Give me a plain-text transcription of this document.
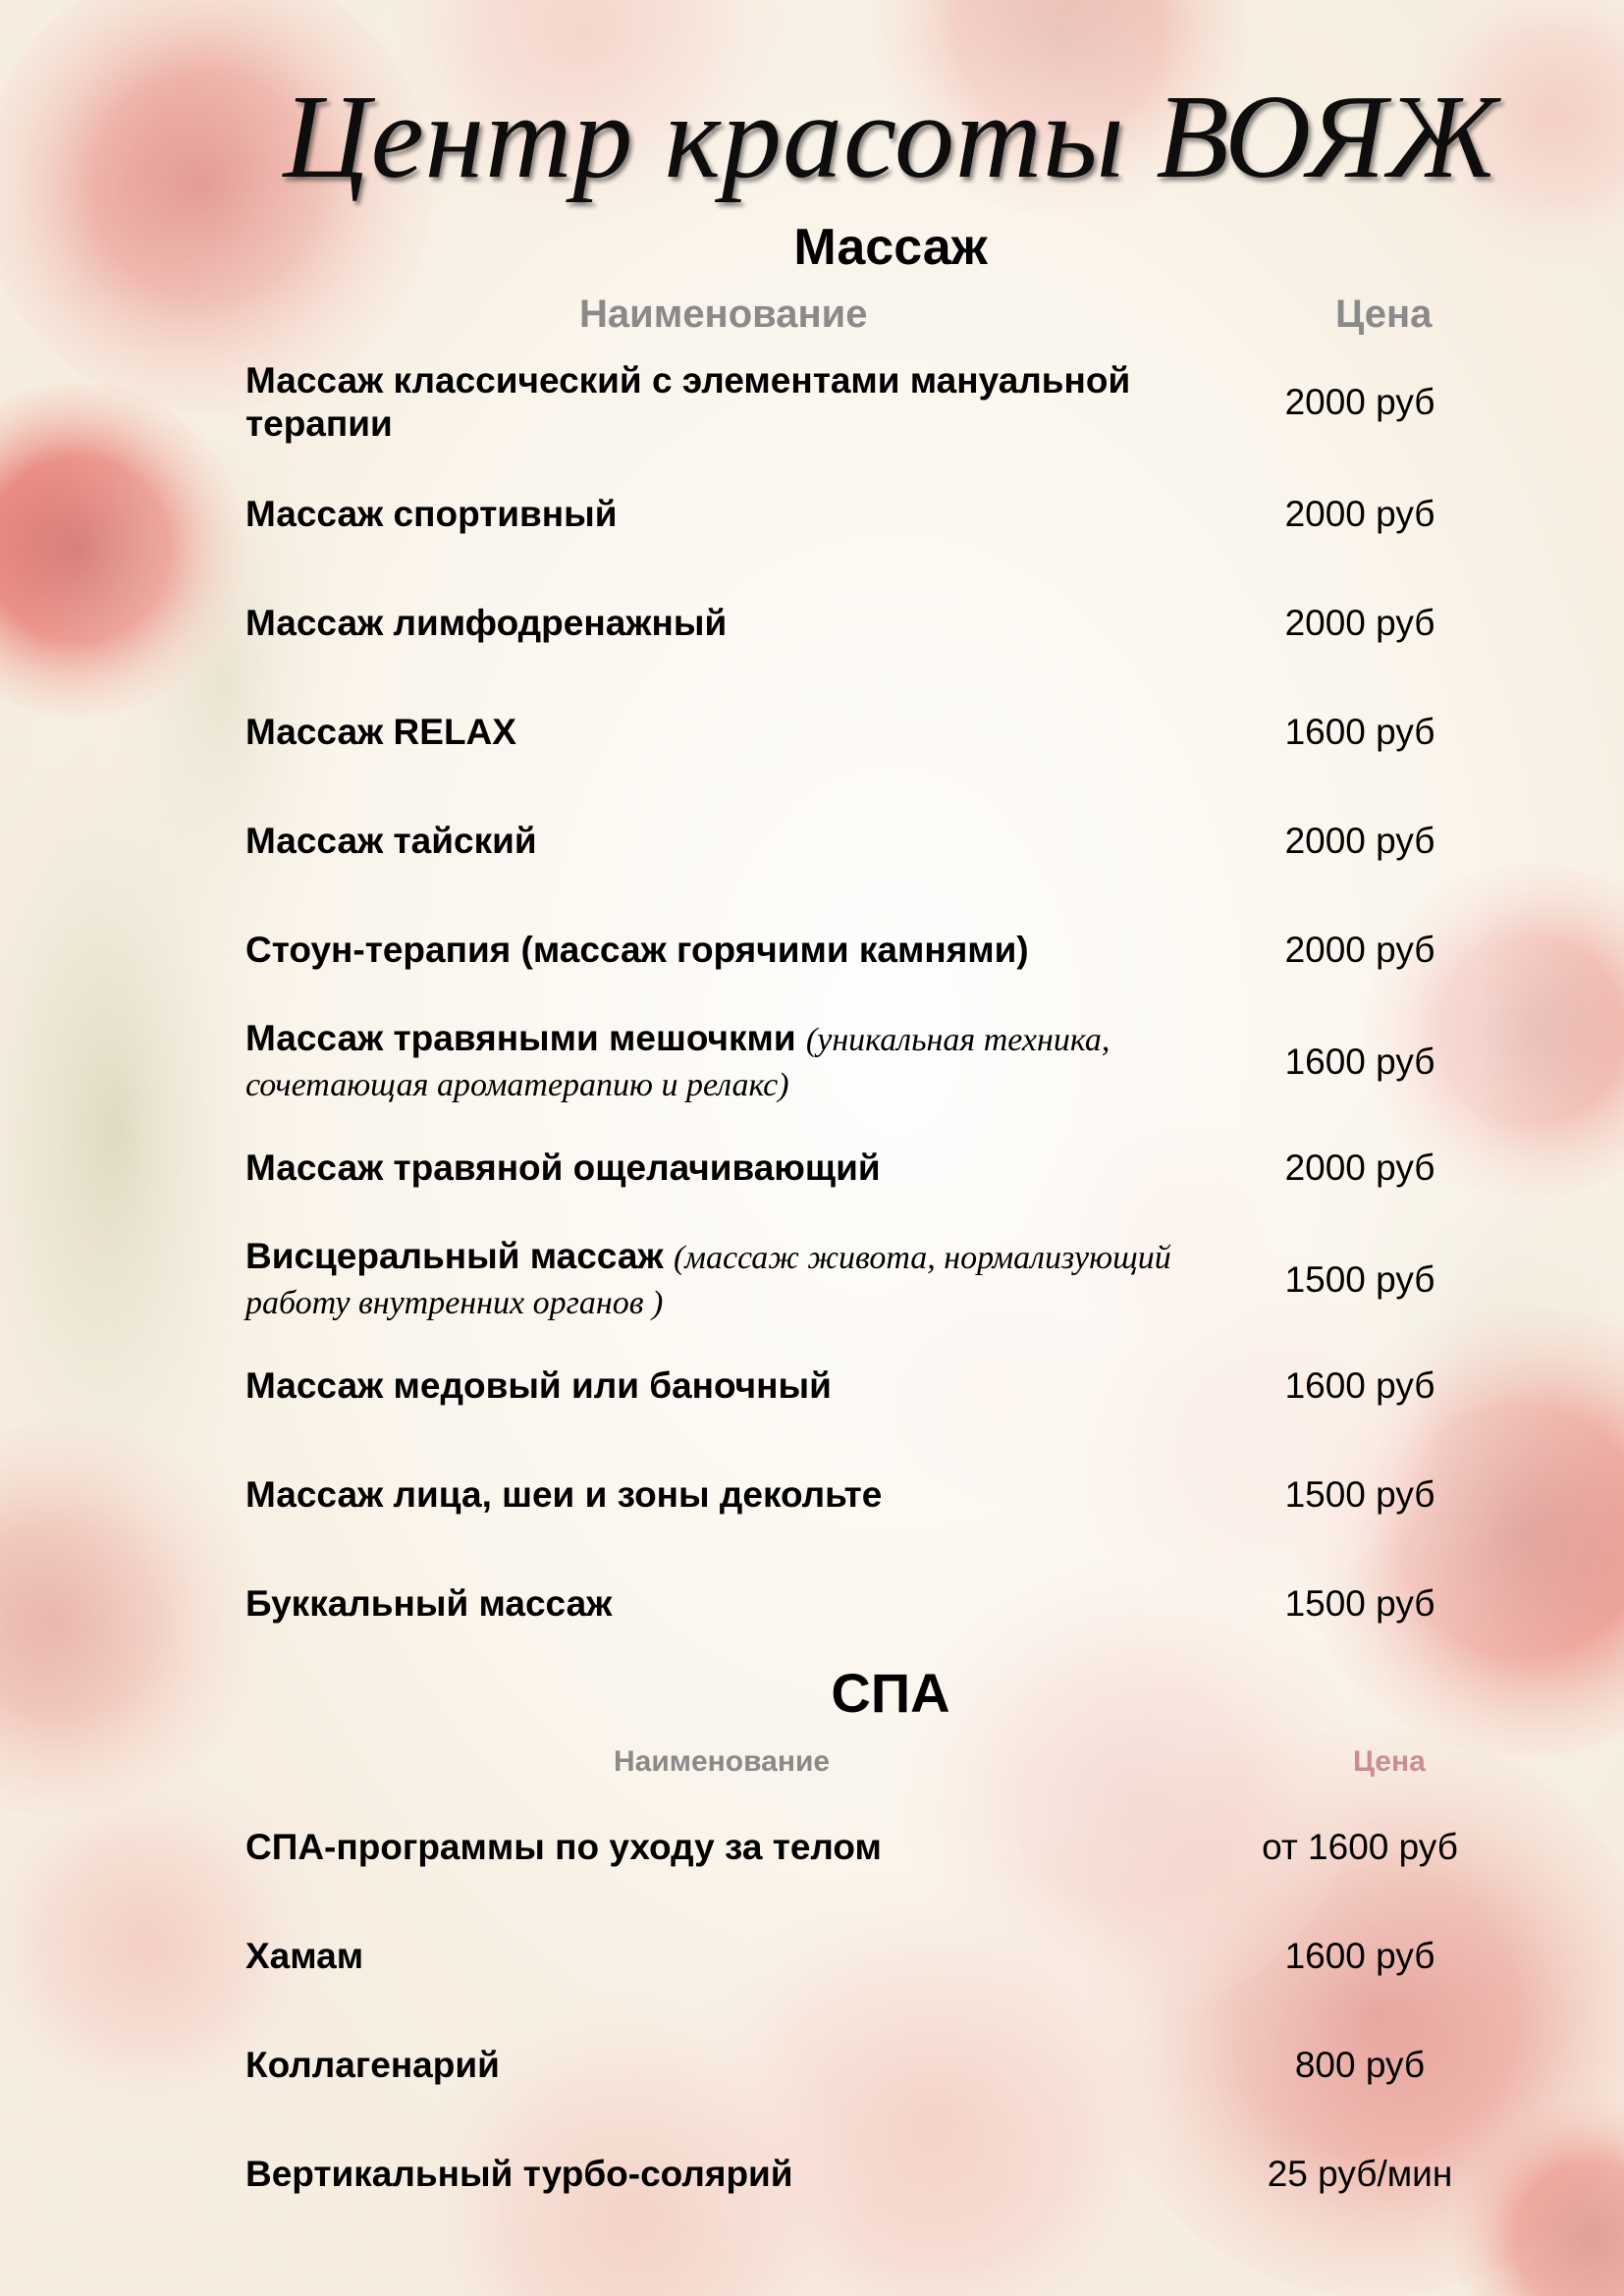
Центр красоты ВОЯЖ
Массаж
Наименование	Цена
Массаж классический с элементами мануальной терапии
2000 руб
Массаж спортивный	2000 руб
Массаж лимфодренажный	2000 руб
Массаж RELAX	1600 руб
Массаж тайский	2000 руб
Стоун-терапия (массаж горячими камнями)	2000 руб
Массаж травяными мешочкми (уникальная техника, сочетающая ароматерапию и релакс)
1600 руб
Массаж травяной ощелачивающий	2000 руб
Висцеральный массаж (массаж живота, нормализующий работу внутренних органов )
1500 руб
Массаж медовый или баночный	1600 руб
Массаж лица, шеи и зоны декольте	1500 руб
Буккальный массаж	1500 руб
СПА
Наименование	Цена
СПА-программы по уходу за телом	от 1600 руб
Хамам	1600 руб
Коллагенарий	800 руб
Вертикальный турбо-солярий	25 руб/мин
